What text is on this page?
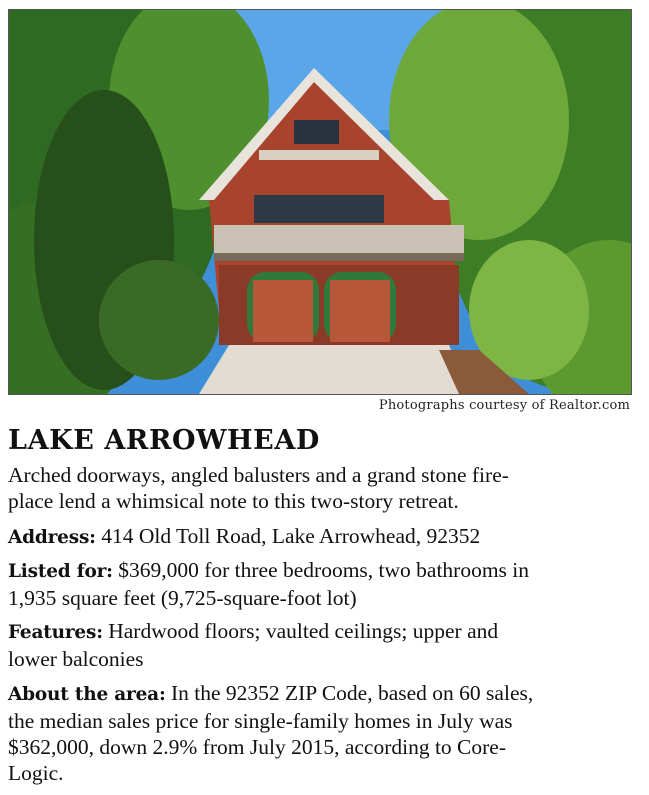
Photographs courtesy of Realtor.com
LAKE ARROWHEAD
Arched doorways, angled balusters and a grand stone fire-
place lend a whimsical note to this two-story retreat.
Address: 414 Old Toll Road, Lake Arrowhead, 92352
Listed for: $369,000 for three bedrooms, two bathrooms in
1,935 square feet (9,725-square-foot lot)
Features: Hardwood floors; vaulted ceilings; upper and
lower balconies
About the area: In the 92352 ZIP Code, based on 60 sales,
the median sales price for single-family homes in July was
$362,000, down 2.9% from July 2015, according to Core-
Logic.
